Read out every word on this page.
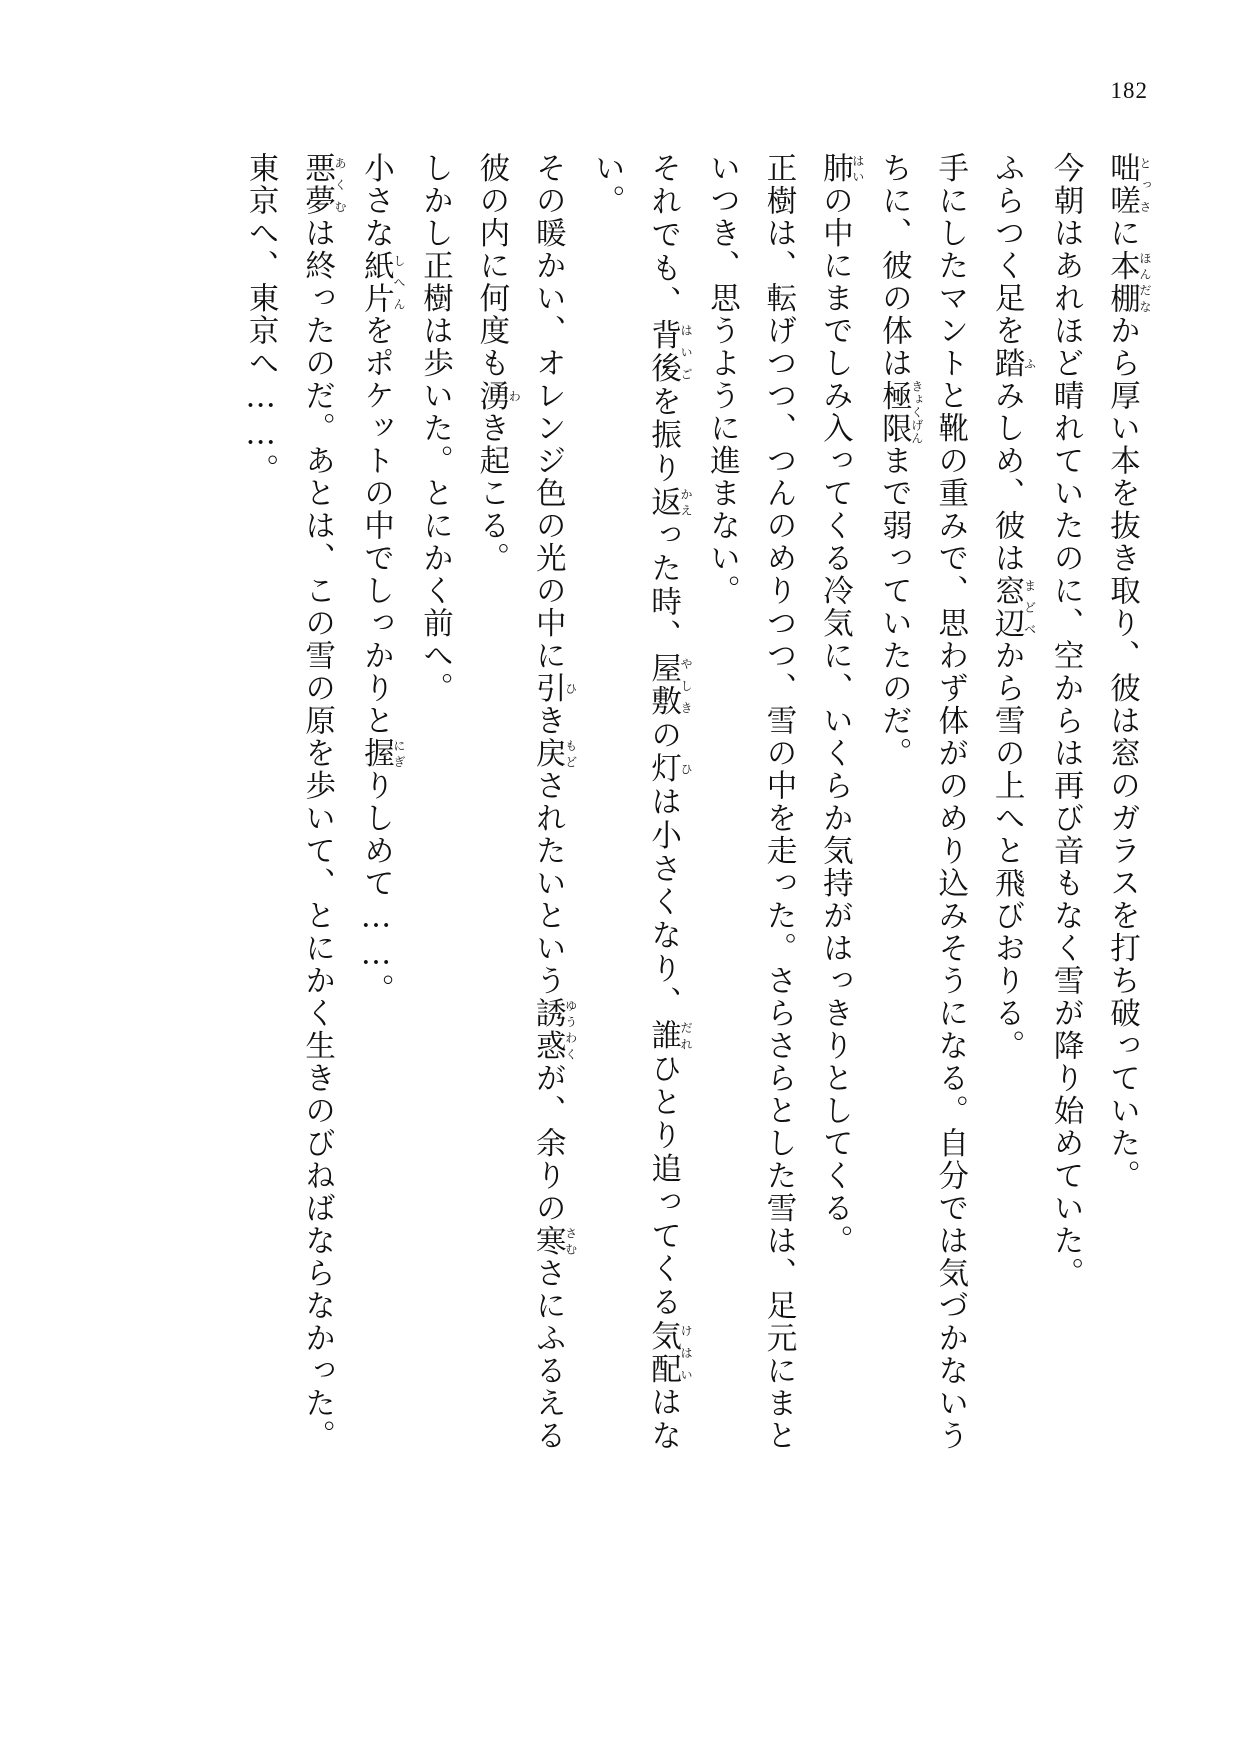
182

咄嗟とっさに本棚ほんだなから厚い本を抜き取り、彼は窓のガラスを打ち破っていた。

今朝はあれほど晴れていたのに、空からは再び音もなく雪が降り始めていた。

ふらつく足を踏ふみしめ、彼は窓辺まどべから雪の上へと飛びおりる。

手にしたマントと靴の重みで、思わず体がのめり込みそうになる。自分では気づかないうちに、彼の体は極限きょくげんまで弱っていたのだ。

肺はいの中にまでしみ入ってくる冷気に、いくらか気持がはっきりとしてくる。

正樹は、転げつつ、つんのめりつつ、雪の中を走った。さらさらとした雪は、足元にまといつき、思うように進まない。

それでも、背後はいごを振り返かえった時、屋敷やしきの灯ひは小さくなり、誰だれひとり追ってくる気配けはいはない。

その暖かい、オレンジ色の光の中に引ひき戻もどされたいという誘惑ゆうわくが、余りの寒さむさにふるえる彼の内に何度も湧わき起こる。

しかし正樹は歩いた。とにかく前へ。

小さな紙片しへんをポケットの中でしっかりと握にぎりしめて……。

悪夢あくむは終ったのだ。あとは、この雪の原を歩いて、とにかく生きのびねばならなかった。

東京へ、東京へ……。
